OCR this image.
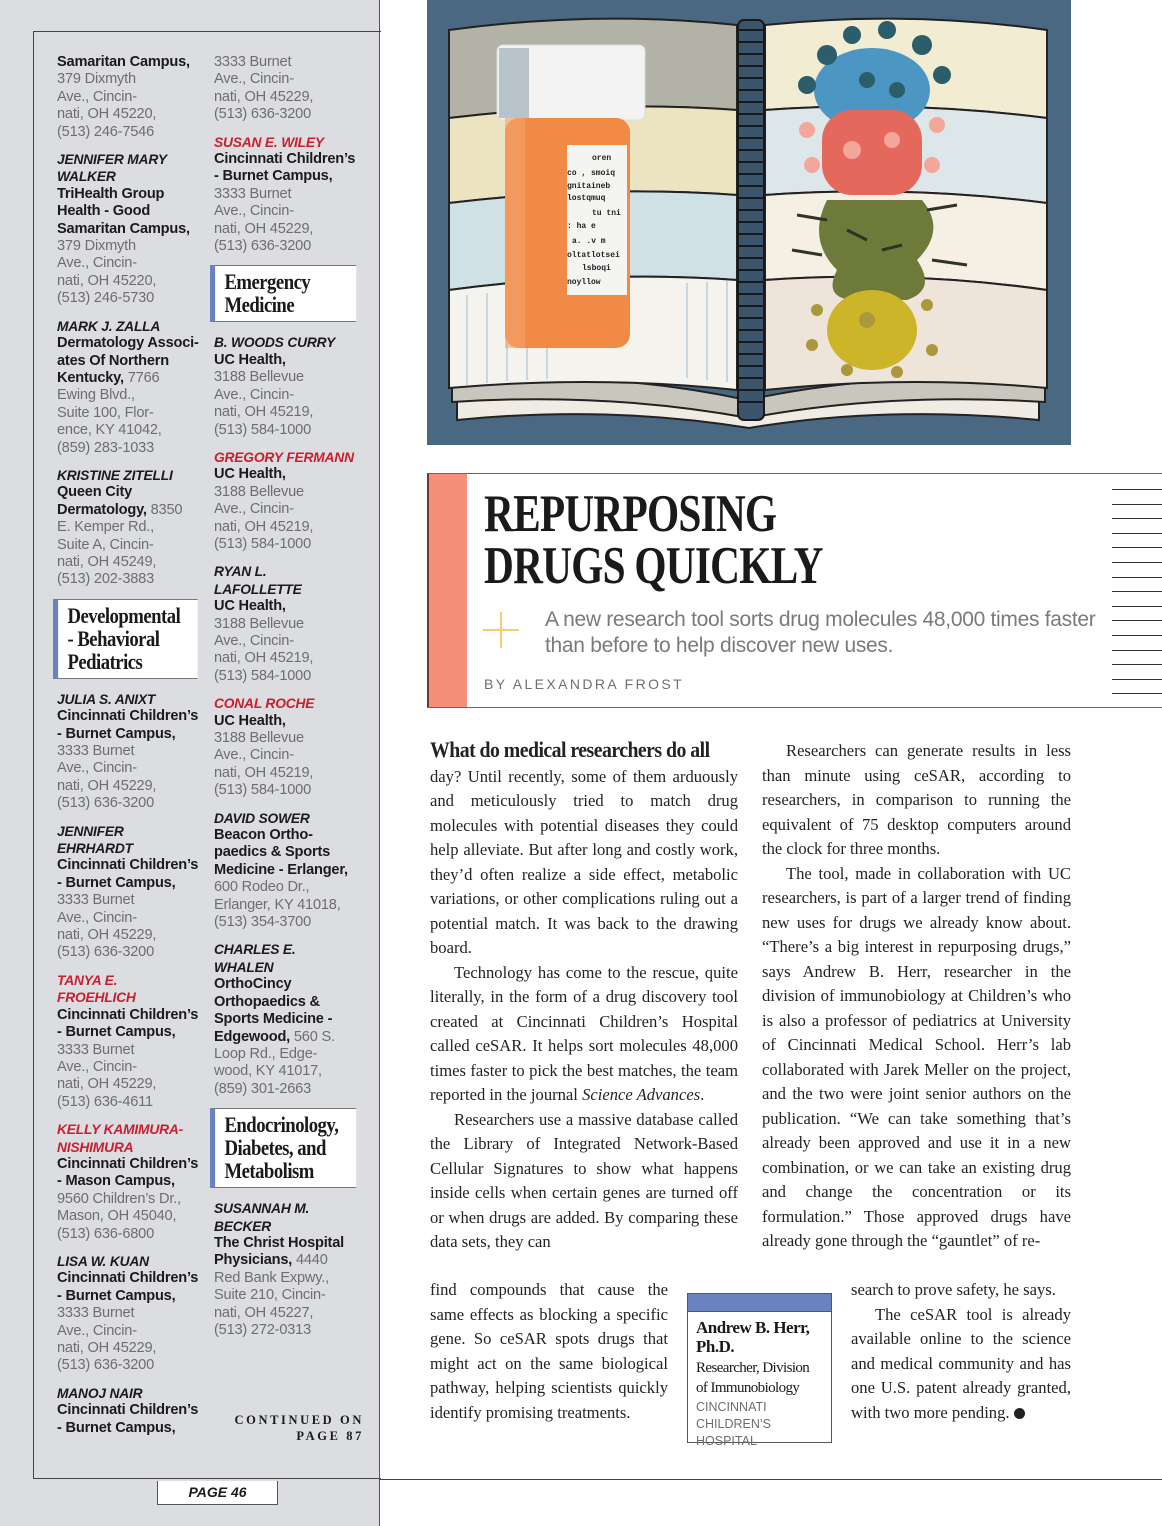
Samaritan Campus,
379 Dixmyth
Ave., Cincin-
nati, OH 45220,
(513) 246-7546
JENNIFER MARY WALKER
TriHealth Group
Health - Good
Samaritan Campus,
379 Dixmyth
Ave., Cincin-
nati, OH 45220,
(513) 246-5730
MARK J. ZALLA
Dermatology Associ-
ates Of Northern
Kentucky, 7766
Ewing Blvd.,
Suite 100, Flor-
ence, KY 41042,
(859) 283-1033
KRISTINE ZITELLI
Queen City
Dermatology, 8350
E. Kemper Rd.,
Suite A, Cincin-
nati, OH 45249,
(513) 202-3883
Developmental
- Behavioral
Pediatrics
JULIA S. ANIXT
Cincinnati Children’s
- Burnet Campus,
3333 Burnet
Ave., Cincin-
nati, OH 45229,
(513) 636-3200
JENNIFER
EHRHARDT
Cincinnati Children’s
- Burnet Campus,
3333 Burnet
Ave., Cincin-
nati, OH 45229,
(513) 636-3200
TANYA E.
FROEHLICH
Cincinnati Children’s
- Burnet Campus,
3333 Burnet
Ave., Cincin-
nati, OH 45229,
(513) 636-4611
KELLY KAMIMURA-
NISHIMURA
Cincinnati Children’s
- Mason Campus,
9560 Children’s Dr.,
Mason, OH 45040,
(513) 636-6800
LISA W. KUAN
Cincinnati Children’s
- Burnet Campus,
3333 Burnet
Ave., Cincin-
nati, OH 45229,
(513) 636-3200
MANOJ NAIR
Cincinnati Children’s
- Burnet Campus,
3333 Burnet
Ave., Cincin-
nati, OH 45229,
(513) 636-3200
SUSAN E. WILEY
Cincinnati Children’s
- Burnet Campus,
3333 Burnet
Ave., Cincin-
nati, OH 45229,
(513) 636-3200
Emergency
Medicine
B. WOODS CURRY
UC Health,
3188 Bellevue
Ave., Cincin-
nati, OH 45219,
(513) 584-1000
GREGORY FERMANN
UC Health,
3188 Bellevue
Ave., Cincin-
nati, OH 45219,
(513) 584-1000
RYAN L.
LAFOLLETTE
UC Health,
3188 Bellevue
Ave., Cincin-
nati, OH 45219,
(513) 584-1000
CONAL ROCHE
UC Health,
3188 Bellevue
Ave., Cincin-
nati, OH 45219,
(513) 584-1000
DAVID SOWER
Beacon Ortho-
paedics & Sports
Medicine - Erlanger,
600 Rodeo Dr.,
Erlanger, KY 41018,
(513) 354-3700
CHARLES E.
WHALEN
OrthoCincy
Orthopaedics &
Sports Medicine -
Edgewood, 560 S.
Loop Rd., Edge-
wood, KY 41017,
(859) 301-2663
Endocrinology,
Diabetes, and
Metabolism
SUSANNAH M.
BECKER
The Christ Hospital
Physicians, 4440
Red Bank Expwy.,
Suite 210, Cincin-
nati, OH 45227,
(513) 272-0313
CONTINUED ON
PAGE 87
PAGE 46
oren
co , smoiq
gnitaineb
lostqmuq
tu tni
: ha e
a. .v m
oltatlotsei
lsboqi
noyllow
REPURPOSING
DRUGS QUICKLY
A new research tool sorts drug molecules 48,000 times faster than before to help discover new uses.
BY ALEXANDRA FROST
What do medical researchers do all
day? Until recently, some of them arduously and meticulously tried to match drug molecules with potential diseases they could help alleviate. But after long and costly work, they’d often realize a side effect, metabolic variations, or other complications ruling out a potential match. It was back to the drawing board.
Technology has come to the rescue, quite literally, in the form of a drug discovery tool created at Cincinnati Children’s Hospital called ceSAR. It helps sort molecules 48,000 times faster to pick the best matches, the team reported in the journal Science Advances.
Researchers use a massive database called the Library of Integrated Network-Based Cellular Signatures to show what happens inside cells when certain genes are turned off or when drugs are added. By comparing these data sets, they can
find compounds that cause the same effects as blocking a specific gene. So ceSAR spots drugs that might act on the same biological pathway, helping scientists quickly identify promising treatments.
Researchers can generate results in less than minute using ceSAR, according to researchers, in comparison to running the equivalent of 75 desktop computers around the clock for three months.
The tool, made in collaboration with UC researchers, is part of a larger trend of finding new uses for drugs we already know about. “There’s a big interest in repurposing drugs,” says Andrew B. Herr, researcher in the division of immunobiology at Children’s who is also a professor of pediatrics at University of Cincinnati Medical School. Herr’s lab collaborated with Jarek Meller on the project, and the two were joint senior authors on the publication. “We can take something that’s already been approved and use it in a new combination, or we can take an existing drug and change the concentration or its formulation.” Those approved drugs have already gone through the “gauntlet” of re-
search to prove safety, he says.
The ceSAR tool is already available online to the science and medical community and has one U.S. patent already granted, with two more pending.	C
Andrew B. Herr, Ph.D.
Researcher, Division of Immunobiology
CINCINNATI CHILDREN’S HOSPITAL
